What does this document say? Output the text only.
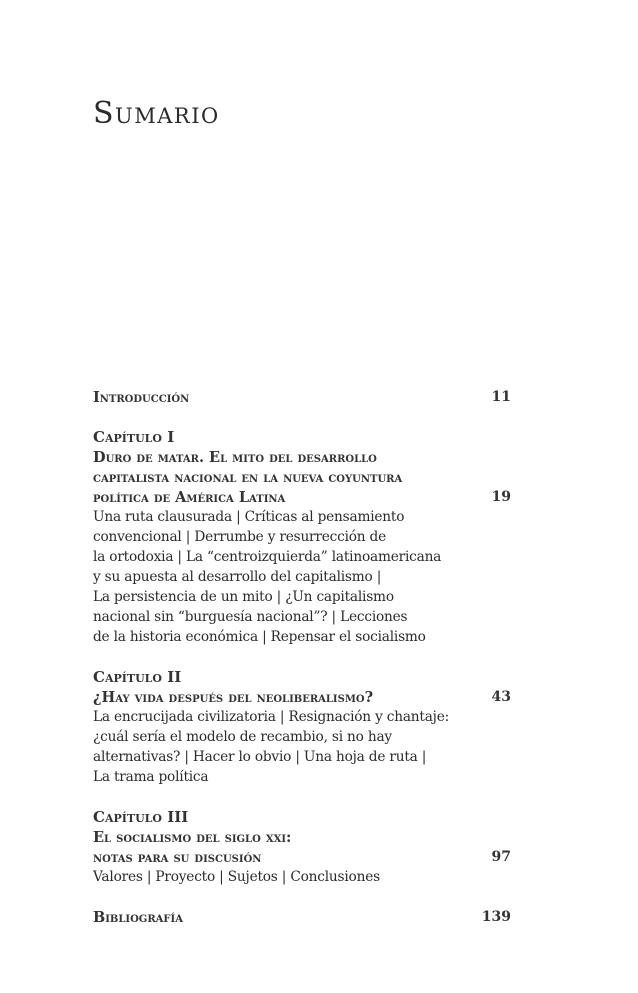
Sumario
Introducción	11
Capítulo I
Duro de matar. El mito del desarrollo
capitalista nacional en la nueva coyuntura
política de América Latina	19
Una ruta clausurada | Críticas al pensamiento
convencional | Derrumbe y resurrección de
la ortodoxia | La “centroizquierda” latinoamericana
y su apuesta al desarrollo del capitalismo |
La persistencia de un mito | ¿Un capitalismo
nacional sin “burguesía nacional”? | Lecciones
de la historia económica | Repensar el socialismo
Capítulo II
¿Hay vida después del neoliberalismo?	43
La encrucijada civilizatoria | Resignación y chantaje:
¿cuál sería el modelo de recambio, si no hay
alternativas? | Hacer lo obvio | Una hoja de ruta |
La trama política
Capítulo III
El socialismo del siglo xxi:
notas para su discusión	97
Valores | Proyecto | Sujetos | Conclusiones
Bibliografía	139
